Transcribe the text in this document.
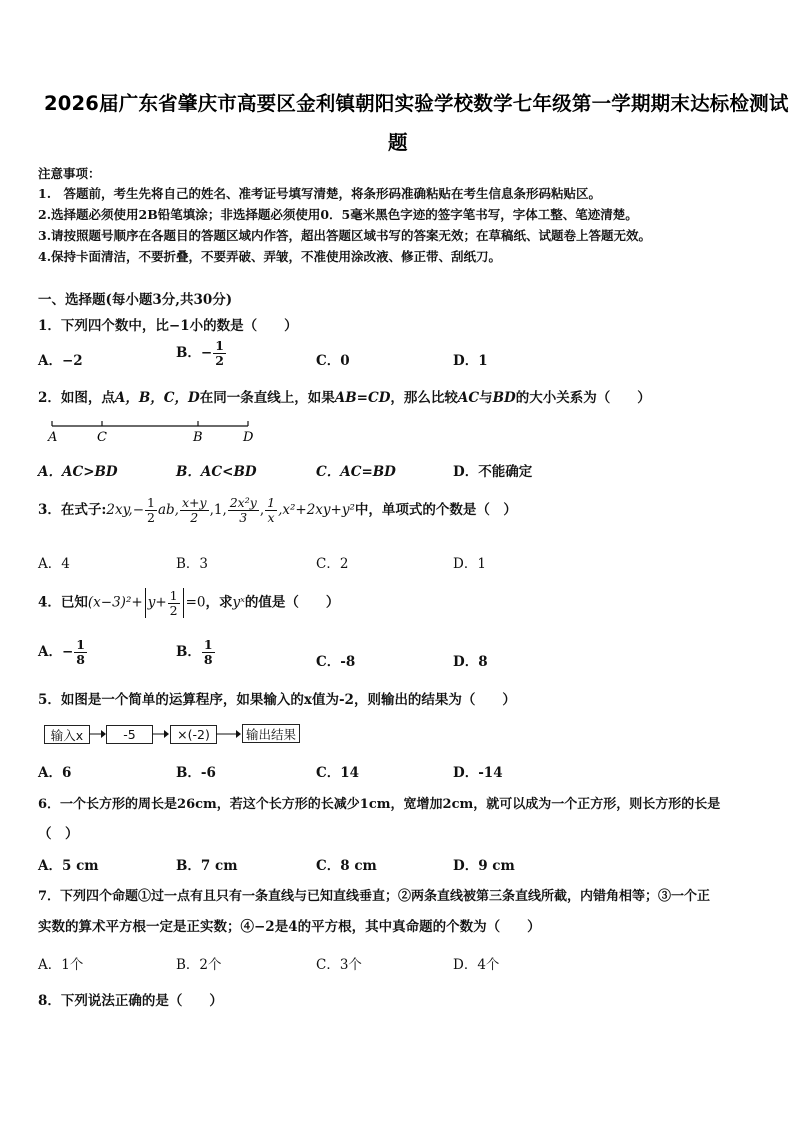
2026届广东省肇庆市高要区金利镇朝阳实验学校数学七年级第一学期期末达标检测试
题
注意事项：
1.　答题前，考生先将自己的姓名、准考证号填写清楚，将条形码准确粘贴在考生信息条形码粘贴区。
2.选择题必须使用2B铅笔填涂；非选择题必须使用0．5毫米黑色字迹的签字笔书写，字体工整、笔迹清楚。
3.请按照题号顺序在各题目的答题区域内作答，超出答题区域书写的答案无效；在草稿纸、试题卷上答题无效。
4.保持卡面清洁，不要折叠，不要弄破、弄皱，不准使用涂改液、修正带、刮纸刀。
一、选择题(每小题3分,共30分)
1．下列四个数中，比−1小的数是（　　）
A．−2	B．− $\frac{1}{2}$	C．0	D．1
2．如图，点A，B，C，D在同一条直线上，如果AB=CD，那么比较AC与BD的大小关系为（　　）
A	C	B	D
A．AC>BD	B．AC<BD	C．AC=BD	D．不能确定
3．在式子:2xy,− $\frac{1}{2}$ ab, $\frac{x+y}{2} ,1$, $\frac{\text{2x²y}}{3}$ , $\frac{1}{x} ,x^2+2xy+y^2$中，单项式的个数是（　）
A．4	B．3	C．2	D．1
4．已知$(x-3)^2+ y+ \frac{1}{2} =0$，求yˣ的值是（　　）
A．− $\frac{1}{8}$	B． $\frac{1}{8}$	C．-8	D．8
5．如图是一个简单的运算程序，如果输入的x值为-2，则输出的结果为（　　）
输入x	-5	×(-2)	输出结果
A．6	B．-6	C．14	D．-14
6．一个长方形的周长是26cm，若这个长方形的长减少1cm，宽增加2cm，就可以成为一个正方形，则长方形的长是
（　）
A．5 cm	B．7 cm	C．8 cm	D．9 cm
7．下列四个命题①过一点有且只有一条直线与已知直线垂直；②两条直线被第三条直线所截，内错角相等；③一个正
实数的算术平方根一定是正实数；④−2是4的平方根，其中真命题的个数为（　　）
A．1个	B．2个	C．3个	D．4个
8．下列说法正确的是（　　）
